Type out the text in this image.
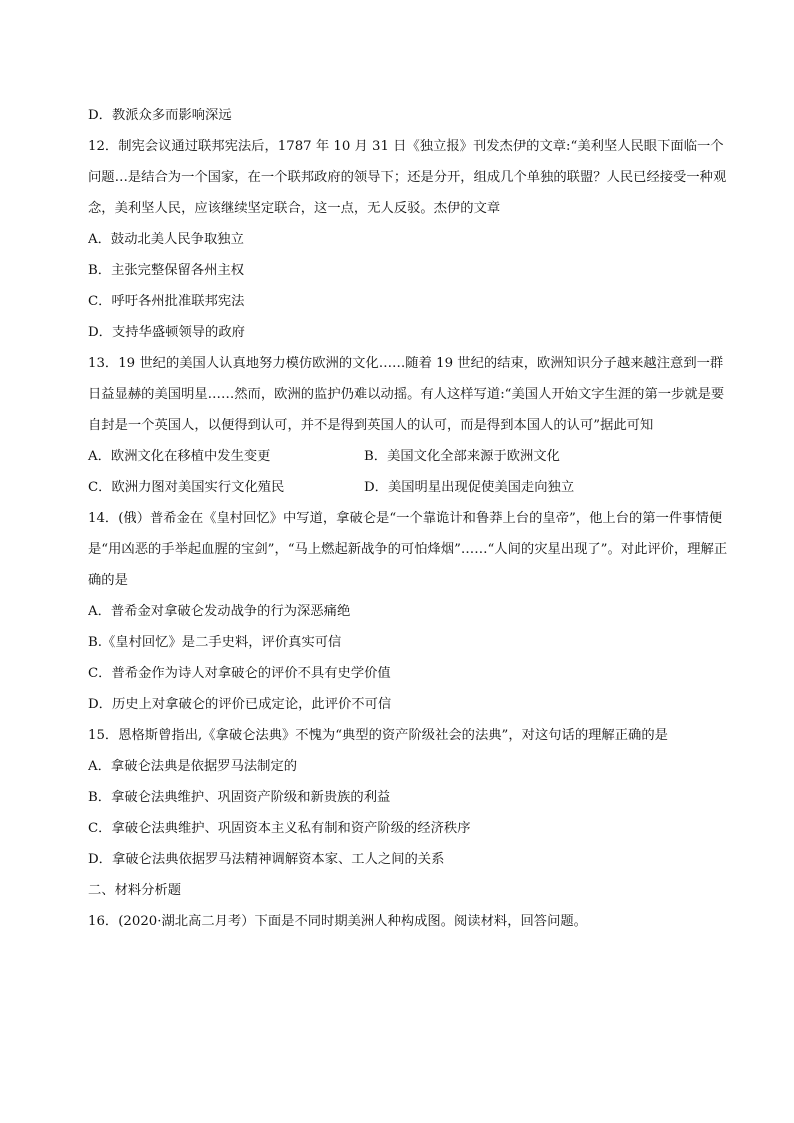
D．教派众多而影响深远

12．制宪会议通过联邦宪法后，1787 年 10 月 31 日《独立报》刊发杰伊的文章:“美利坚人民眼下面临一个问题…是结合为一个国家，在一个联邦政府的领导下；还是分开，组成几个单独的联盟？人民已经接受一种观念，美利坚人民，应该继续坚定联合，这一点，无人反驳。杰伊的文章

A．鼓动北美人民争取独立

B．主张完整保留各州主权

C．呼吁各州批准联邦宪法

D．支持华盛顿领导的政府

13．19 世纪的美国人认真地努力模仿欧洲的文化……随着 19 世纪的结束，欧洲知识分子越来越注意到一群日益显赫的美国明星……然而，欧洲的监护仍难以动摇。有人这样写道:“美国人开始文字生涯的第一步就是要自封是一个英国人，以便得到认可，并不是得到英国人的认可，而是得到本国人的认可”据此可知

A．欧洲文化在移植中发生变更	B．美国文化全部来源于欧洲文化
C．欧洲力图对美国实行文化殖民	D．美国明星出现促使美国走向独立

14．(俄）普希金在《皇村回忆》中写道，拿破仑是“一个靠诡计和鲁莽上台的皇帝”，他上台的第一件事情便是“用凶恶的手举起血腥的宝剑”，“马上燃起新战争的可怕烽烟”……“人间的灾星出现了”。对此评价，理解正确的是

A．普希金对拿破仑发动战争的行为深恶痛绝

B.《皇村回忆》是二手史料，评价真实可信

C．普希金作为诗人对拿破仑的评价不具有史学价值

D．历史上对拿破仑的评价已成定论，此评价不可信

15．恩格斯曾指出,《拿破仑法典》不愧为“典型的资产阶级社会的法典”，对这句话的理解正确的是

A．拿破仑法典是依据罗马法制定的

B．拿破仑法典维护、巩固资产阶级和新贵族的利益

C．拿破仑法典维护、巩固资本主义私有制和资产阶级的经济秩序

D．拿破仑法典依据罗马法精神调解资本家、工人之间的关系

二、材料分析题

16．(2020·湖北高二月考）下面是不同时期美洲人种构成图。阅读材料，回答问题。
